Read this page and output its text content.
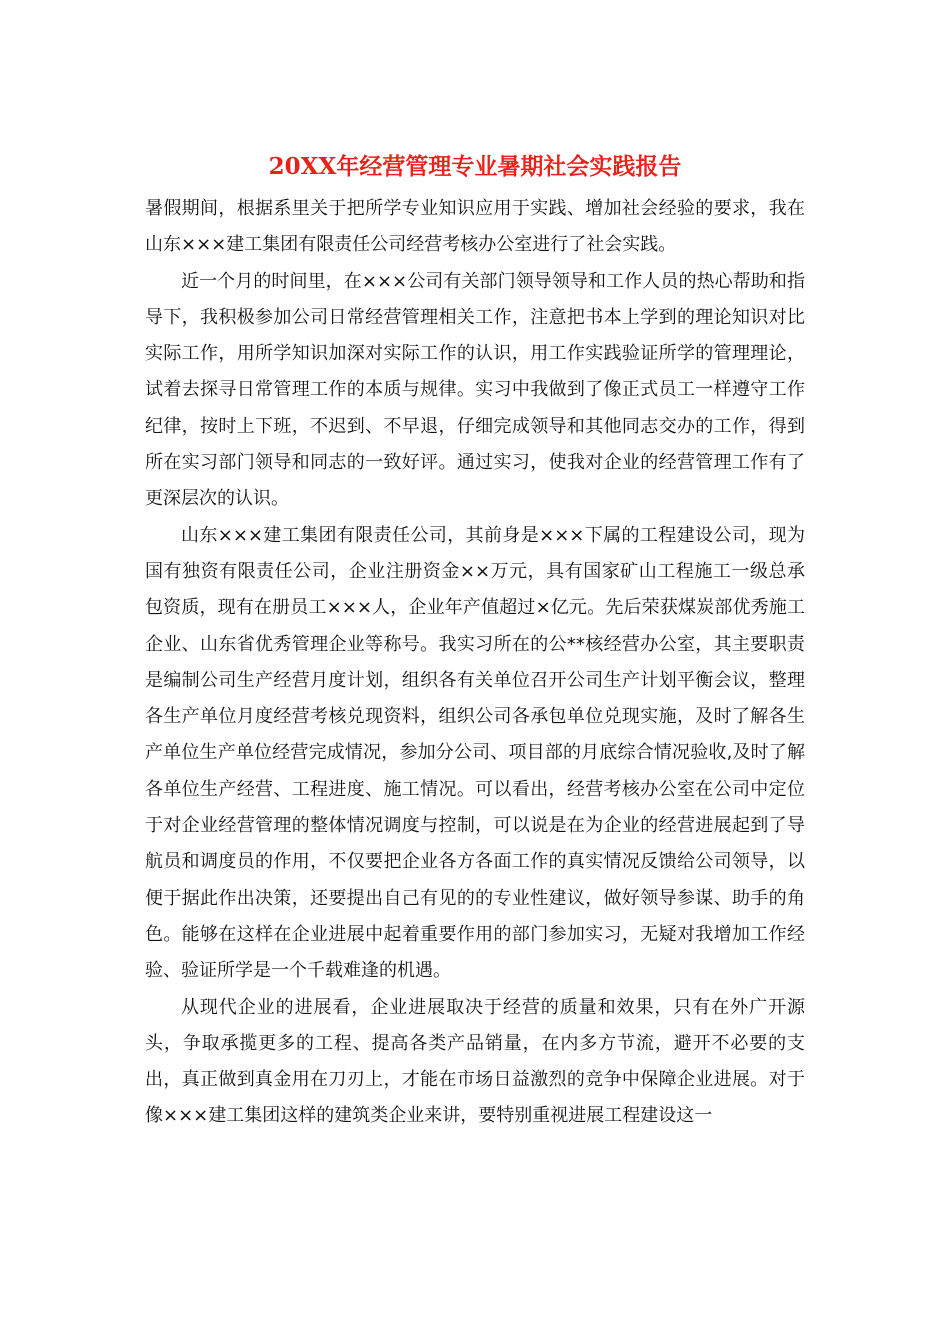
20XX年经营管理专业暑期社会实践报告

暑假期间，根据系里关于把所学专业知识应用于实践、增加社会经验的要求，我在山东×××建工集团有限责任公司经营考核办公室进行了社会实践。

近一个月的时间里，在×××公司有关部门领导领导和工作人员的热心帮助和指导下，我积极参加公司日常经营管理相关工作，注意把书本上学到的理论知识对比实际工作，用所学知识加深对实际工作的认识，用工作实践验证所学的管理理论，试着去探寻日常管理工作的本质与规律。实习中我做到了像正式员工一样遵守工作纪律，按时上下班，不迟到、不早退，仔细完成领导和其他同志交办的工作，得到所在实习部门领导和同志的一致好评。通过实习，使我对企业的经营管理工作有了更深层次的认识。

山东×××建工集团有限责任公司，其前身是×××下属的工程建设公司，现为国有独资有限责任公司，企业注册资金××万元，具有国家矿山工程施工一级总承包资质，现有在册员工×××人，企业年产值超过×亿元。先后荣获煤炭部优秀施工企业、山东省优秀管理企业等称号。我实习所在的公**核经营办公室，其主要职责是编制公司生产经营月度计划，组织各有关单位召开公司生产计划平衡会议，整理各生产单位月度经营考核兑现资料，组织公司各承包单位兑现实施，及时了解各生产单位生产单位经营完成情况，参加分公司、项目部的月底综合情况验收,及时了解各单位生产经营、工程进度、施工情况。可以看出，经营考核办公室在公司中定位于对企业经营管理的整体情况调度与控制，可以说是在为企业的经营进展起到了导航员和调度员的作用，不仅要把企业各方各面工作的真实情况反馈给公司领导，以便于据此作出决策，还要提出自己有见的的专业性建议，做好领导参谋、助手的角色。能够在这样在企业进展中起着重要作用的部门参加实习，无疑对我增加工作经验、验证所学是一个千载难逢的机遇。

从现代企业的进展看，企业进展取决于经营的质量和效果，只有在外广开源头，争取承揽更多的工程、提高各类产品销量，在内多方节流，避开不必要的支出，真正做到真金用在刀刃上，才能在市场日益激烈的竞争中保障企业进展。对于像×××建工集团这样的建筑类企业来讲，要特别重视进展工程建设这一
